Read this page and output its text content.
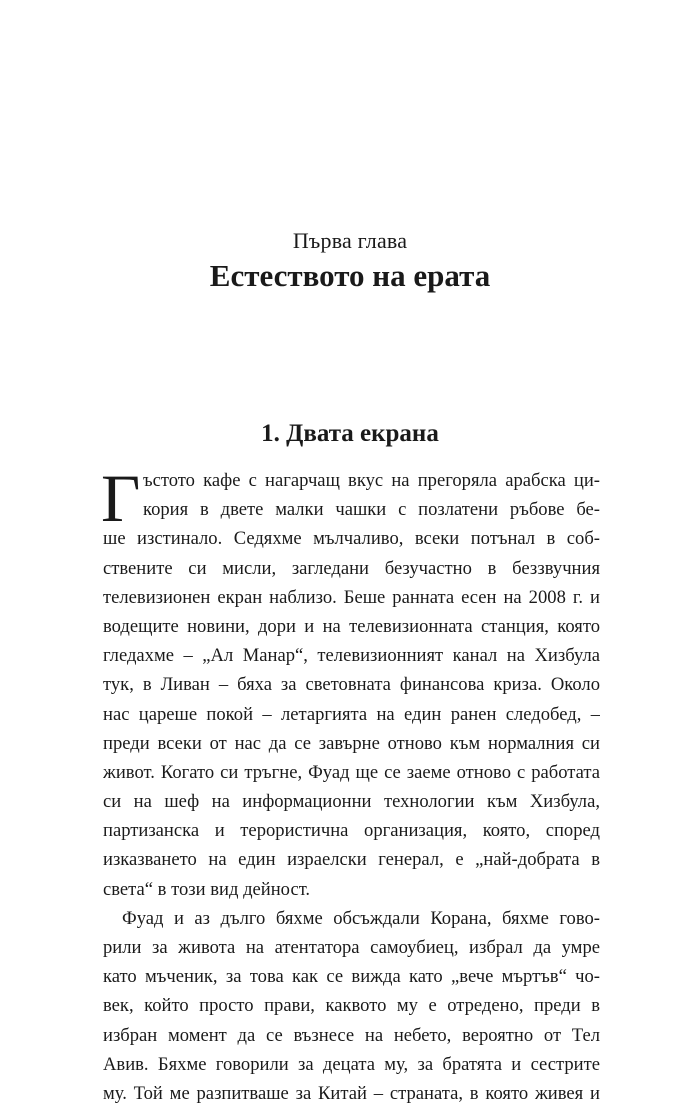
Първа глава
Естеството на ерата
1. Двата екрана
Г ъстото кафе с нагарчащ вкус на прегоряла арабска ци-
кория в двете малки чашки с позлатени ръбове бе-
ше изстинало. Седяхме мълчаливо, всеки потънал в соб-
ствените си мисли, загледани безучастно в беззвучния
телевизионен екран наблизо. Беше ранната есен на 2008 г. и
водещите новини, дори и на телевизионната станция, която
гледахме – „Ал Манар“, телевизионният канал на Хизбула
тук, в Ливан – бяха за световната финансова криза. Около
нас цареше покой – летаргията на един ранен следобед, –
преди всеки от нас да се завърне отново към нормалния си
живот. Когато си тръгне, Фуад ще се заеме отново с работата
си на шеф на информационни технологии към Хизбула,
партизанска и терористична организация, която, според
изказването на един израелски генерал, е „най-добрата в
света“ в този вид дейност.
Фуад и аз дълго бяхме обсъждали Корана, бяхме гово-
рили за живота на атентатора самоубиец, избрал да умре
като мъченик, за това как се вижда като „вече мъртъв“ чо-
век, който просто прави, каквото му е отредено, преди в
избран момент да се възнесе на небето, вероятно от Тел
Авив. Бяхме говорили за децата му, за братята и сестрите
му. Той ме разпитваше за Китай – страната, в която живея и
